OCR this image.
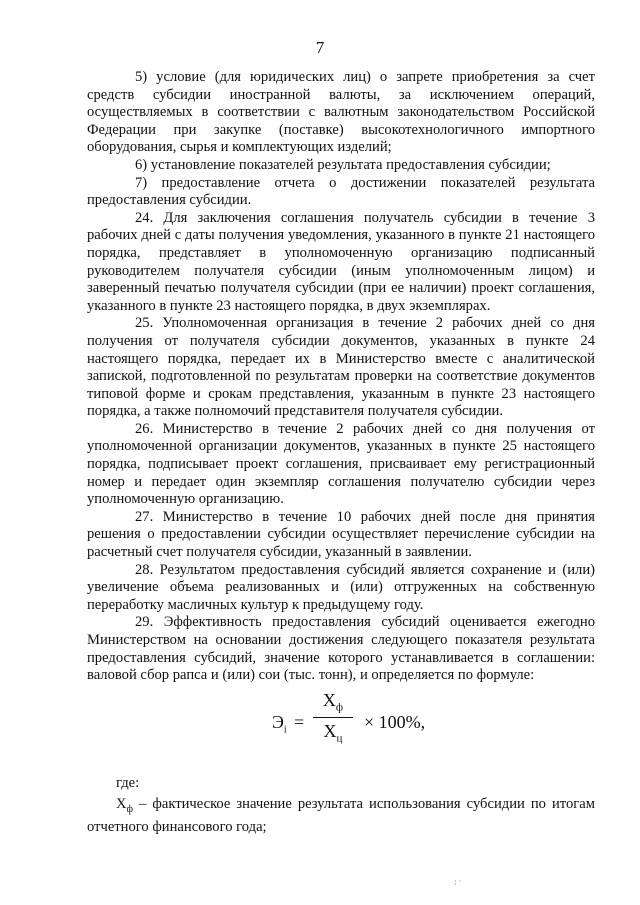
7

5) условие (для юридических лиц) о запрете приобретения за счет средств субсидии иностранной валюты, за исключением операций, осуществляемых в соответствии с валютным законодательством Российской Федерации при закупке (поставке) высокотехнологичного импортного оборудования, сырья и комплектующих изделий;

6) установление показателей результата предоставления субсидии;

7) предоставление отчета о достижении показателей результата предоставления субсидии.

24. Для заключения соглашения получатель субсидии в течение 3 рабочих дней с даты получения уведомления, указанного в пункте 21 настоящего порядка, представляет в уполномоченную организацию подписанный руководителем получателя субсидии (иным уполномоченным лицом) и заверенный печатью получателя субсидии (при ее наличии) проект соглашения, указанного в пункте 23 настоящего порядка, в двух экземплярах.

25. Уполномоченная организация в течение 2 рабочих дней со дня получения от получателя субсидии документов, указанных в пункте 24 настоящего порядка, передает их в Министерство вместе с аналитической запиской, подготовленной по результатам проверки на соответствие документов типовой форме и срокам представления, указанным в пункте 23 настоящего порядка, а также полномочий представителя получателя субсидии.

26. Министерство в течение 2 рабочих дней со дня получения от уполномоченной организации документов, указанных в пункте 25 настоящего порядка, подписывает проект соглашения, присваивает ему регистрационный номер и передает один экземпляр соглашения получателю субсидии через уполномоченную организацию.

27. Министерство в течение 10 рабочих дней после дня принятия решения о предоставлении субсидии осуществляет перечисление субсидии на расчетный счет получателя субсидии, указанный в заявлении.

28. Результатом предоставления субсидий является сохранение и (или) увеличение объема реализованных и (или) отгруженных на собственную переработку масличных культур к предыдущему году.

29. Эффективность предоставления субсидий оценивается ежегодно Министерством на основании достижения следующего показателя результата предоставления субсидий, значение которого устанавливается в соглашении: валовой сбор рапса и (или) сои (тыс. тонн), и определяется по формуле:

$Э_i$ =
$Х_ф$
$Х_ц$
× 100%,
где:

$Х_ф$ – фактическое значение результата использования субсидии по итогам отчетного финансового года;

· · ·
